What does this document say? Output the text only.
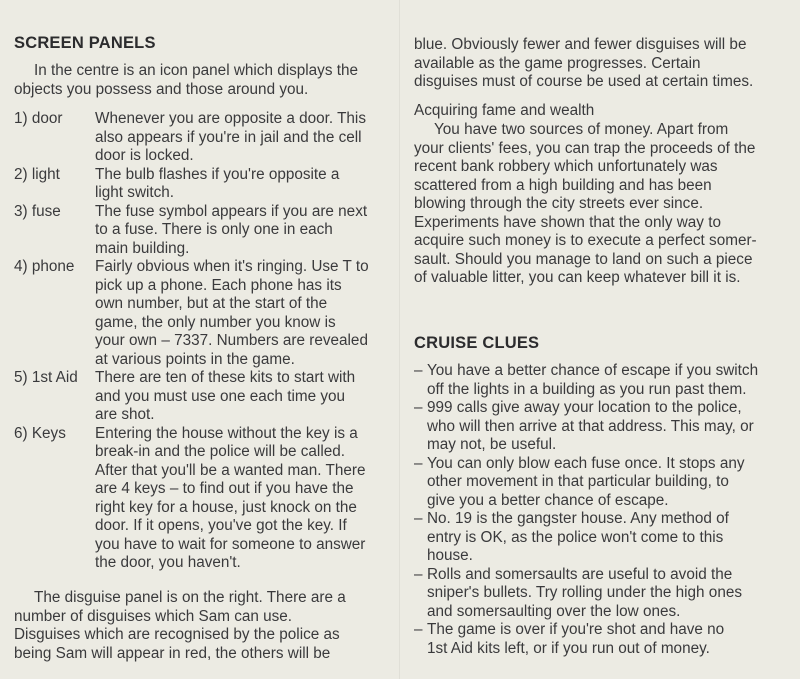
SCREEN PANELS

In the centre is an icon panel which displays the
objects you possess and those around you.

1) door	Whenever you are opposite a door. This
also appears if you're in jail and the cell
door is locked.
2) light	The bulb flashes if you're opposite a
light switch.
3) fuse	The fuse symbol appears if you are next
to a fuse. There is only one in each
main building.
4) phone	Fairly obvious when it's ringing. Use T to
pick up a phone. Each phone has its
own number, but at the start of the
game, the only number you know is
your own – 7337. Numbers are revealed
at various points in the game.
5) 1st Aid	There are ten of these kits to start with
and you must use one each time you
are shot.
6) Keys	Entering the house without the key is a
break-in and the police will be called.
After that you'll be a wanted man. There
are 4 keys – to find out if you have the
right key for a house, just knock on the
door. If it opens, you've got the key. If
you have to wait for someone to answer
the door, you haven't.

The disguise panel is on the right. There are a
number of disguises which Sam can use.
Disguises which are recognised by the police as
being Sam will appear in red, the others will be

blue. Obviously fewer and fewer disguises will be
available as the game progresses. Certain
disguises must of course be used at certain times.

Acquiring fame and wealth

You have two sources of money. Apart from
your clients' fees, you can trap the proceeds of the
recent bank robbery which unfortunately was
scattered from a high building and has been
blowing through the city streets ever since.
Experiments have shown that the only way to
acquire such money is to execute a perfect somer-
sault. Should you manage to land on such a piece
of valuable litter, you can keep whatever bill it is.

CRUISE CLUES
– You have a better chance of escape if you switch
off the lights in a building as you run past them.
– 999 calls give away your location to the police,
who will then arrive at that address. This may, or
may not, be useful.
– You can only blow each fuse once. It stops any
other movement in that particular building, to
give you a better chance of escape.
– No. 19 is the gangster house. Any method of
entry is OK, as the police won't come to this
house.
– Rolls and somersaults are useful to avoid the
sniper's bullets. Try rolling under the high ones
and somersaulting over the low ones.
– The game is over if you're shot and have no
1st Aid kits left, or if you run out of money.
